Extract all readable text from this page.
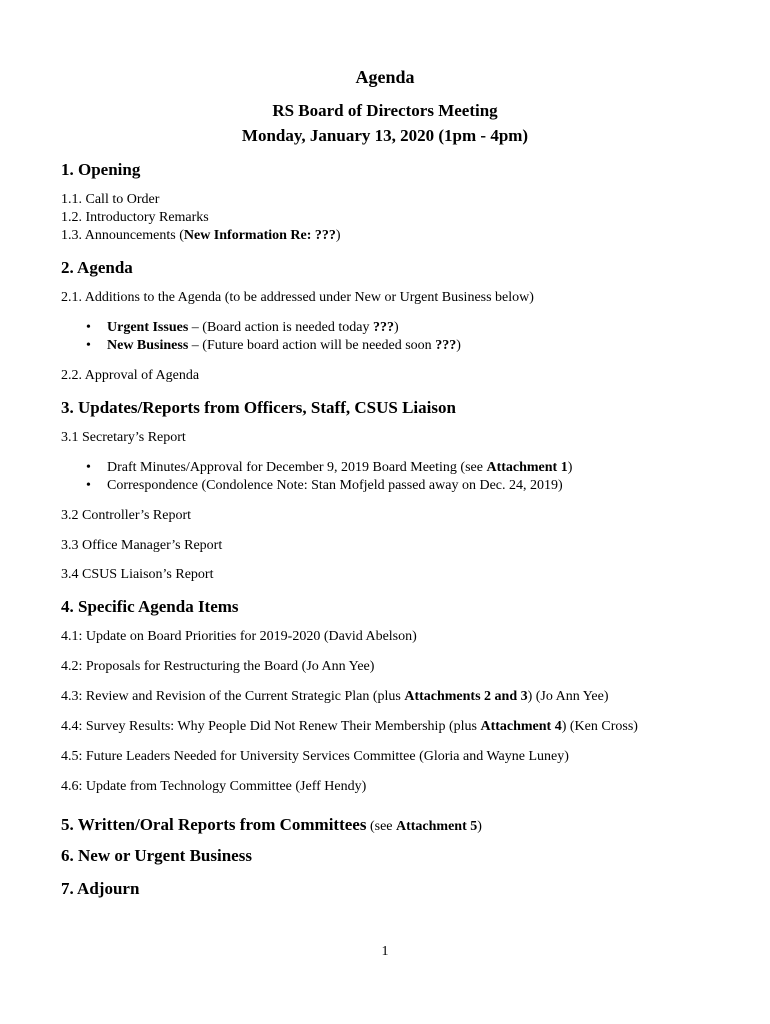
Agenda
RS Board of Directors Meeting
Monday, January 13, 2020 (1pm - 4pm)
1. Opening
1.1. Call to Order
1.2. Introductory Remarks
1.3. Announcements (New Information Re: ???)
2. Agenda
2.1. Additions to the Agenda (to be addressed under New or Urgent Business below)
• Urgent Issues – (Board action is needed today ???)
• New Business – (Future board action will be needed soon ???)
2.2. Approval of Agenda
3. Updates/Reports from Officers, Staff, CSUS Liaison
3.1 Secretary’s Report
• Draft Minutes/Approval for December 9, 2019 Board Meeting (see Attachment 1)
• Correspondence (Condolence Note: Stan Mofjeld passed away on Dec. 24, 2019)
3.2 Controller’s Report
3.3 Office Manager’s Report
3.4 CSUS Liaison’s Report
4. Specific Agenda Items
4.1: Update on Board Priorities for 2019-2020 (David Abelson)
4.2: Proposals for Restructuring the Board (Jo Ann Yee)
4.3: Review and Revision of the Current Strategic Plan (plus Attachments 2 and 3) (Jo Ann Yee)
4.4: Survey Results: Why People Did Not Renew Their Membership (plus Attachment 4) (Ken Cross)
4.5: Future Leaders Needed for University Services Committee (Gloria and Wayne Luney)
4.6: Update from Technology Committee (Jeff Hendy)
5. Written/Oral Reports from Committees (see Attachment 5)
6. New or Urgent Business
7. Adjourn
1
